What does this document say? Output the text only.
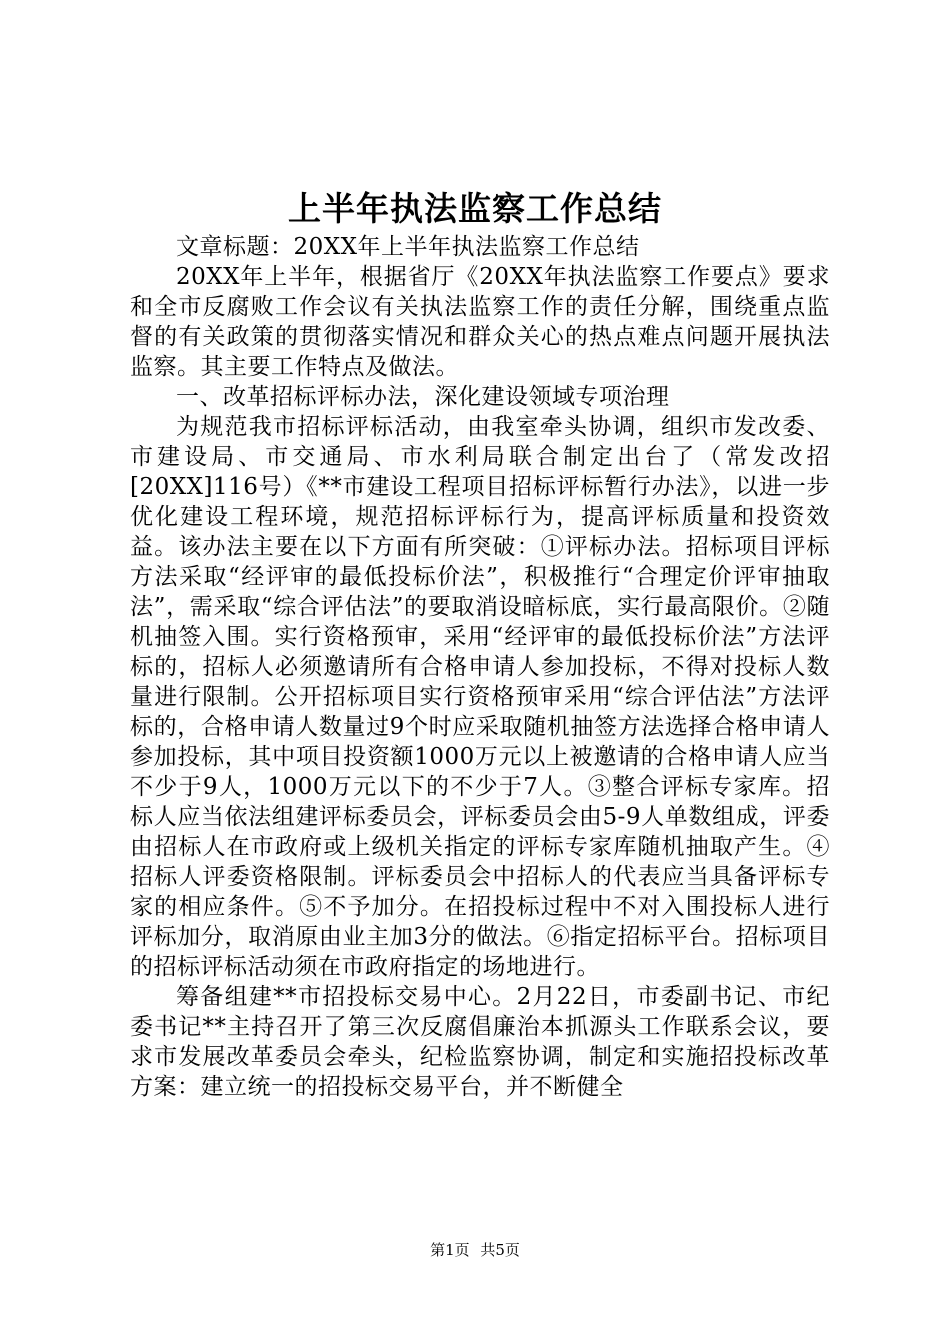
上半年执法监察工作总结

文章标题：20XX年上半年执法监察工作总结

20XX年上半年，根据省厅《20XX年执法监察工作要点》要求和全市反腐败工作会议有关执法监察工作的责任分解，围绕重点监督的有关政策的贯彻落实情况和群众关心的热点难点问题开展执法监察。其主要工作特点及做法。

一、改革招标评标办法，深化建设领域专项治理

为规范我市招标评标活动，由我室牵头协调，组织市发改委、市建设局、市交通局、市水利局联合制定出台了（常发改招[20XX]116号）《**市建设工程项目招标评标暂行办法》，以进一步优化建设工程环境，规范招标评标行为，提高评标质量和投资效益。该办法主要在以下方面有所突破：①评标办法。招标项目评标方法采取“经评审的最低投标价法”，积极推行“合理定价评审抽取法”，需采取“综合评估法”的要取消设暗标底，实行最高限价。②随机抽签入围。实行资格预审，采用“经评审的最低投标价法”方法评标的，招标人必须邀请所有合格申请人参加投标，不得对投标人数量进行限制。公开招标项目实行资格预审采用“综合评估法”方法评标的，合格申请人数量过9个时应采取随机抽签方法选择合格申请人参加投标，其中项目投资额1000万元以上被邀请的合格申请人应当不少于9人，1000万元以下的不少于7人。③整合评标专家库。招标人应当依法组建评标委员会，评标委员会由5-9人单数组成，评委由招标人在市政府或上级机关指定的评标专家库随机抽取产生。④招标人评委资格限制。评标委员会中招标人的代表应当具备评标专家的相应条件。⑤不予加分。在招投标过程中不对入围投标人进行评标加分，取消原由业主加3分的做法。⑥指定招标平台。招标项目的招标评标活动须在市政府指定的场地进行。

筹备组建**市招投标交易中心。2月22日，市委副书记、市纪委书记**主持召开了第三次反腐倡廉治本抓源头工作联系会议，要求市发展改革委员会牵头，纪检监察协调，制定和实施招投标改革方案：建立统一的招投标交易平台，并不断健全

第1页 共5页
